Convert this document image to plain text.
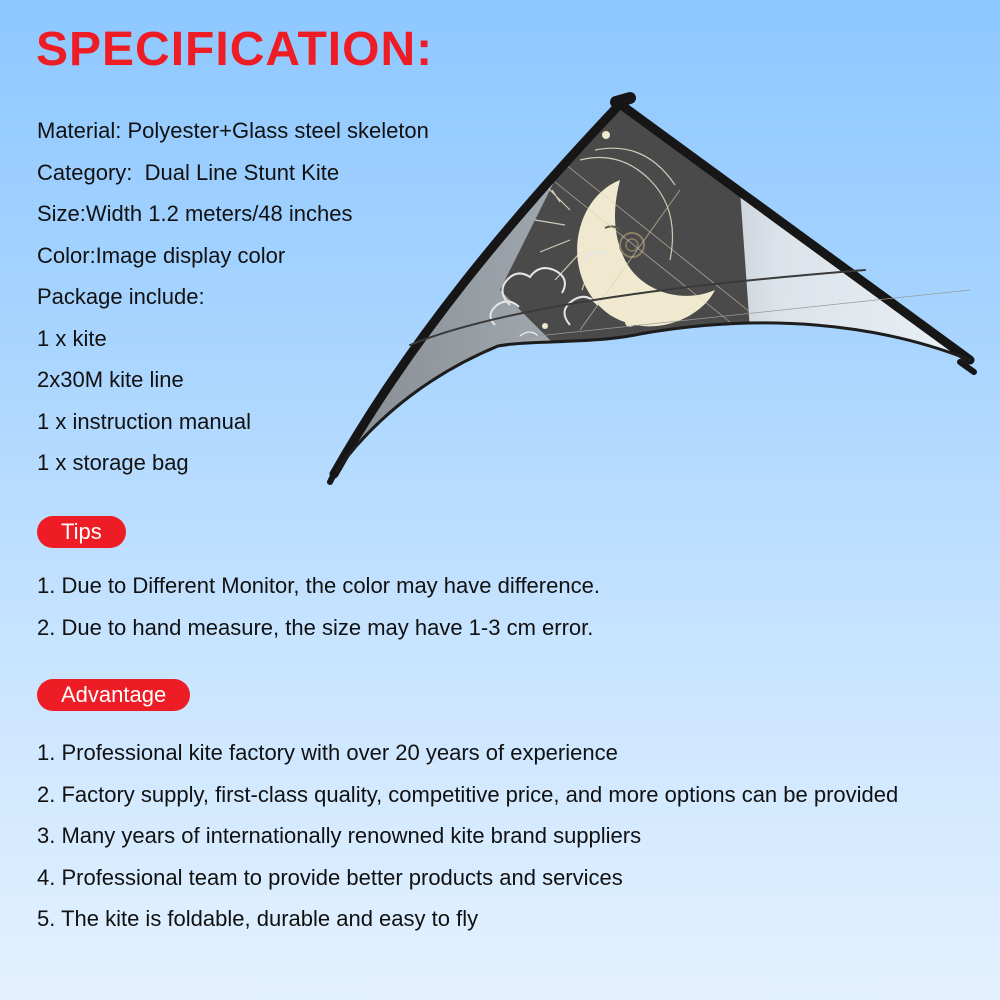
SPECIFICATION:
Material: Polyester+Glass steel skeleton
Category:  Dual Line Stunt Kite
Size:Width 1.2 meters/48 inches
Color:Image display color
Package include:
1 x kite
2x30M kite line
1 x instruction manual
1 x storage bag
Tips
1. Due to Different Monitor, the color may have difference.
2. Due to hand measure, the size may have 1-3 cm error.
Advantage
1. Professional kite factory with over 20 years of experience
2. Factory supply, first-class quality, competitive price, and more options can be provided
3. Many years of internationally renowned kite brand suppliers
4. Professional team to provide better products and services
5. The kite is foldable, durable and easy to fly
